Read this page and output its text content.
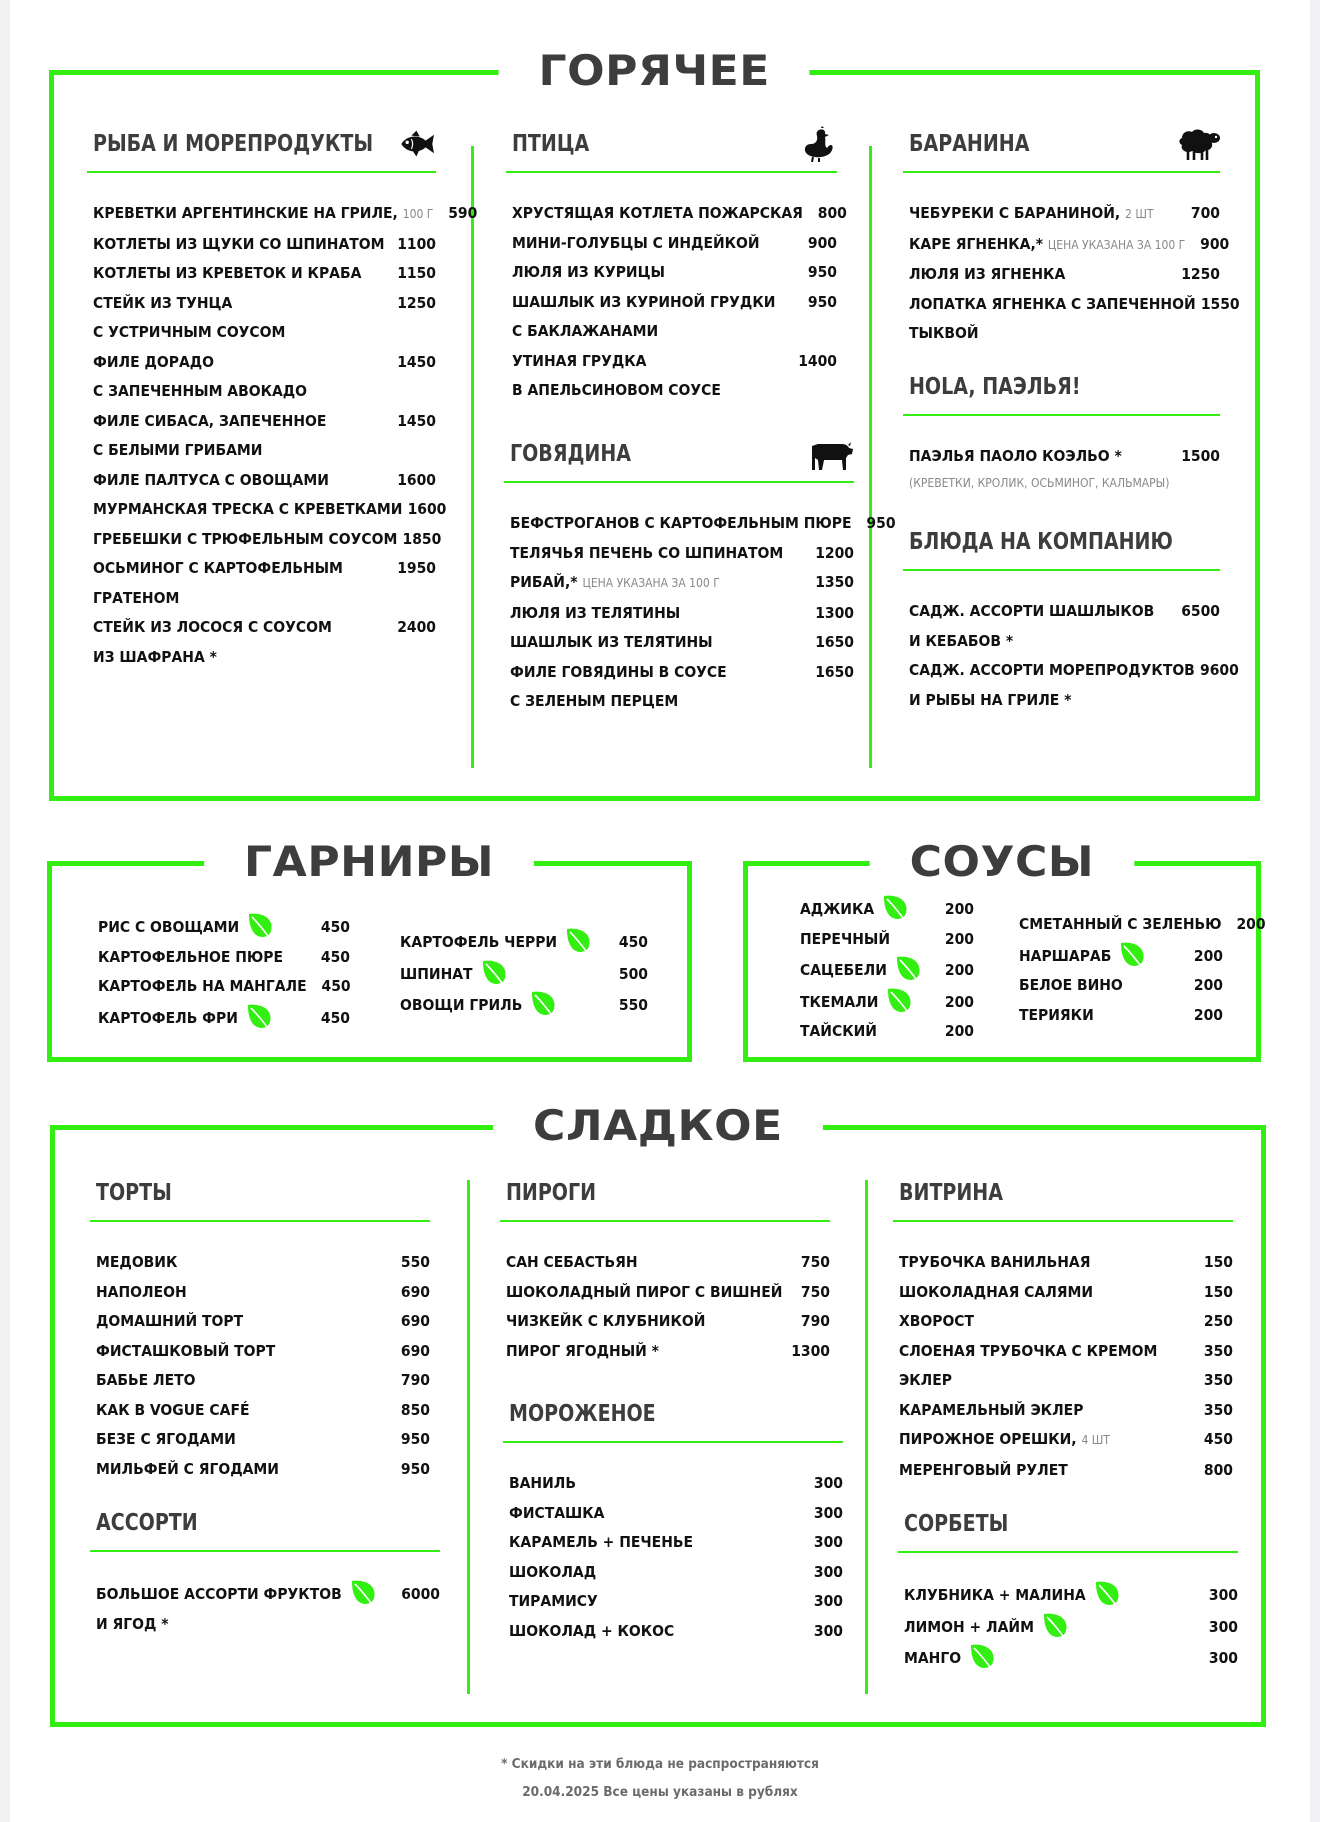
ГОРЯЧЕЕ
РЫБА И МОРЕПРОДУКТЫ
КРЕВЕТКИ АРГЕНТИНСКИЕ НА ГРИЛЕ, 100 Г 590
КОТЛЕТЫ ИЗ ЩУКИ СО ШПИНАТОМ 1100
КОТЛЕТЫ ИЗ КРЕВЕТОК И КРАБА	1150
СТЕЙК ИЗ ТУНЦА	1250
С УСТРИЧНЫМ СОУСОМ
ФИЛЕ ДОРАДО	1450
С ЗАПЕЧЕННЫМ АВОКАДО
ФИЛЕ СИБАСА, ЗАПЕЧЕННОЕ	1450
С БЕЛЫМИ ГРИБАМИ
ФИЛЕ ПАЛТУСА С ОВОЩАМИ	1600
МУРМАНСКАЯ ТРЕСКА С КРЕВЕТКАМИ 1600
ГРЕБЕШКИ С ТРЮФЕЛЬНЫМ СОУСОМ 1850
ОСЬМИНОГ С КАРТОФЕЛЬНЫМ	1950
ГРАТЕНОМ
СТЕЙК ИЗ ЛОСОСЯ С СОУСОМ	2400
ИЗ ШАФРАНА *
ПТИЦА
ХРУСТЯЩАЯ КОТЛЕТА ПОЖАРСКАЯ 800
МИНИ-ГОЛУБЦЫ С ИНДЕЙКОЙ	900
ЛЮЛЯ ИЗ КУРИЦЫ	950
ШАШЛЫК ИЗ КУРИНОЙ ГРУДКИ	950
С БАКЛАЖАНАМИ
УТИНАЯ ГРУДКА	1400
В АПЕЛЬСИНОВОМ СОУСЕ
ГОВЯДИНА
БЕФСТРОГАНОВ С КАРТОФЕЛЬНЫМ ПЮРЕ 950
ТЕЛЯЧЬЯ ПЕЧЕНЬ СО ШПИНАТОМ	1200
РИБАЙ,* ЦЕНА УКАЗАНА ЗА 100 Г	1350
ЛЮЛЯ ИЗ ТЕЛЯТИНЫ	1300
ШАШЛЫК ИЗ ТЕЛЯТИНЫ	1650
ФИЛЕ ГОВЯДИНЫ В СОУСЕ	1650
С ЗЕЛЕНЫМ ПЕРЦЕМ
БАРАНИНА
ЧЕБУРЕКИ С БАРАНИНОЙ, 2 ШТ	700
КАРЕ ЯГНЕНКА,* ЦЕНА УКАЗАНА ЗА 100 Г 900
ЛЮЛЯ ИЗ ЯГНЕНКА	1250
ЛОПАТКА ЯГНЕНКА С ЗАПЕЧЕННОЙ 1550
ТЫКВОЙ
HOLA, ПАЭЛЬЯ!
ПАЭЛЬЯ ПАОЛО КОЭЛЬО *	1500
(КРЕВЕТКИ, КРОЛИК, ОСЬМИНОГ, КАЛЬМАРЫ)
БЛЮДА НА КОМПАНИЮ
САДЖ. АССОРТИ ШАШЛЫКОВ	6500
И КЕБАБОВ *
САДЖ. АССОРТИ МОРЕПРОДУКТОВ 9600
И РЫБЫ НА ГРИЛЕ *
ГАРНИРЫ
РИС С ОВОЩАМИ	450
КАРТОФЕЛЬНОЕ ПЮРЕ	450
КАРТОФЕЛЬ НА МАНГАЛЕ 450
КАРТОФЕЛЬ ФРИ	450
КАРТОФЕЛЬ ЧЕРРИ	450
ШПИНАТ	500
ОВОЩИ ГРИЛЬ	550
СОУСЫ
АДЖИКА	200
ПЕРЕЧНЫЙ	200
САЦЕБЕЛИ	200
ТКЕМАЛИ	200
ТАЙСКИЙ	200
СМЕТАННЫЙ С ЗЕЛЕНЬЮ 200
НАРШАРАБ	200
БЕЛОЕ ВИНО	200
ТЕРИЯКИ	200
СЛАДКОЕ
ТОРТЫ
МЕДОВИК	550
НАПОЛЕОН	690
ДОМАШНИЙ ТОРТ	690
ФИСТАШКОВЫЙ ТОРТ	690
БАБЬЕ ЛЕТО	790
КАК В VOGUE CAFÉ	850
БЕЗЕ С ЯГОДАМИ	950
МИЛЬФЕЙ С ЯГОДАМИ	950
АССОРТИ
БОЛЬШОЕ АССОРТИ ФРУКТОВ	6000
И ЯГОД *
ПИРОГИ
САН СЕБАСТЬЯН	750
ШОКОЛАДНЫЙ ПИРОГ С ВИШНЕЙ	750
ЧИЗКЕЙК С КЛУБНИКОЙ	790
ПИРОГ ЯГОДНЫЙ *	1300
МОРОЖЕНОЕ
ВАНИЛЬ	300
ФИСТАШКА	300
КАРАМЕЛЬ + ПЕЧЕНЬЕ	300
ШОКОЛАД	300
ТИРАМИСУ	300
ШОКОЛАД + КОКОС	300
ВИТРИНА
ТРУБОЧКА ВАНИЛЬНАЯ	150
ШОКОЛАДНАЯ САЛЯМИ	150
ХВОРОСТ	250
СЛОЕНАЯ ТРУБОЧКА С КРЕМОМ	350
ЭКЛЕР	350
КАРАМЕЛЬНЫЙ ЭКЛЕР	350
ПИРОЖНОЕ ОРЕШКИ, 4 ШТ	450
МЕРЕНГОВЫЙ РУЛЕТ	800
СОРБЕТЫ
КЛУБНИКА + МАЛИНА	300
ЛИМОН + ЛАЙМ	300
МАНГО	300
* Скидки на эти блюда не распространяются
20.04.2025 Все цены указаны в рублях
